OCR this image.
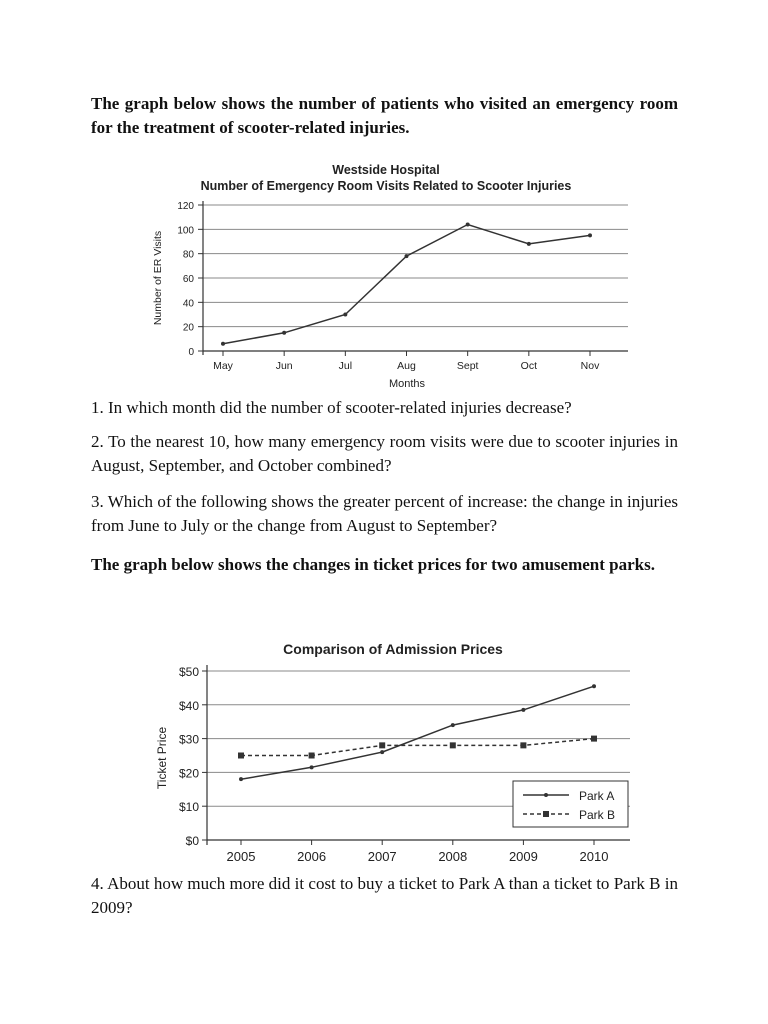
The graph below shows the number of patients who visited an emergency room for the treatment of scooter-related injuries.

Westside Hospital
Number of Emergency Room Visits Related to Scooter Injuries
0
20
40
60
80
100
120
May	Jun	Jul	Aug	Sept	Oct	Nov
Months
Number of ER Visits

1. In which month did the number of scooter-related injuries decrease?

2. To the nearest 10, how many emergency room visits were due to scooter injuries in August, September, and October combined?

3. Which of the following shows the greater percent of increase: the change in injuries from June to July or the change from August to September?

The graph below shows the changes in ticket prices for two amusement parks.

Comparison of Admission Prices
$0
$10
$20
$30
$40
$50
2005	2006	2007	2008	2009	2010
Ticket Price
Park A
Park B

4. About how much more did it cost to buy a ticket to Park A than a ticket to Park B in 2009?
